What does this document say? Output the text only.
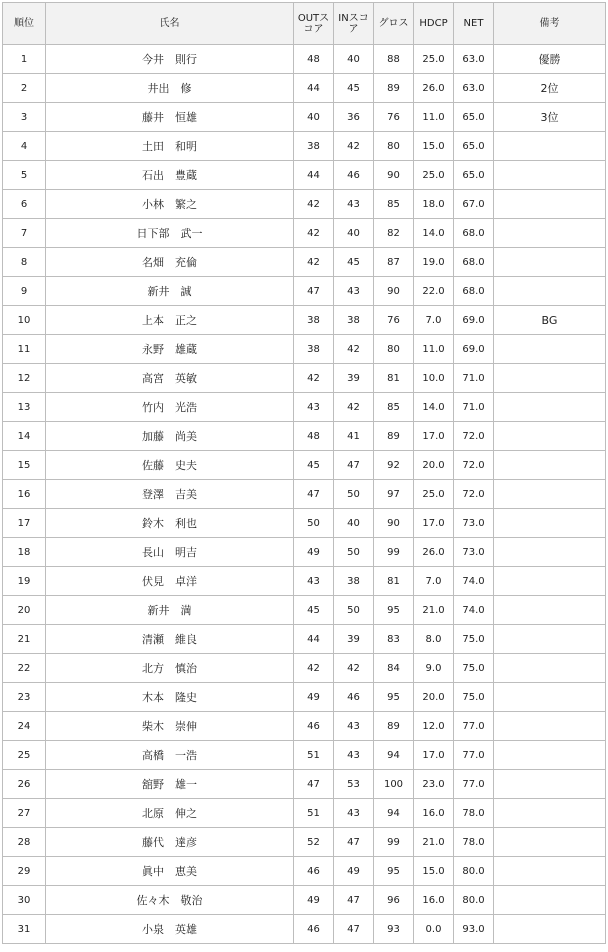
順位	氏名	OUTスコア	INスコア	グロス	HDCP	NET	備考
1	今井　則行	48	40	88	25.0	63.0	優勝
2	井出　修	44	45	89	26.0	63.0	2位
3	藤井　恒雄	40	36	76	11.0	65.0	3位
4	土田　和明	38	42	80	15.0	65.0	
5	石出　豊蔵	44	46	90	25.0	65.0	
6	小林　繁之	42	43	85	18.0	67.0	
7	日下部　武一	42	40	82	14.0	68.0	
8	名畑　充倫	42	45	87	19.0	68.0	
9	新井　誠	47	43	90	22.0	68.0	
10	上本　正之	38	38	76	7.0	69.0	BG
11	永野　雄蔵	38	42	80	11.0	69.0	
12	高宮　英敏	42	39	81	10.0	71.0	
13	竹内　光浩	43	42	85	14.0	71.0	
14	加藤　尚美	48	41	89	17.0	72.0	
15	佐藤　史夫	45	47	92	20.0	72.0	
16	登澤　吉美	47	50	97	25.0	72.0	
17	鈴木　利也	50	40	90	17.0	73.0	
18	長山　明吉	49	50	99	26.0	73.0	
19	伏見　卓洋	43	38	81	7.0	74.0	
20	新井　満	45	50	95	21.0	74.0	
21	清瀬　維良	44	39	83	8.0	75.0	
22	北方　慎治	42	42	84	9.0	75.0	
23	木本　隆史	49	46	95	20.0	75.0	
24	柴木　崇伸	46	43	89	12.0	77.0	
25	高橋　一浩	51	43	94	17.0	77.0	
26	舘野　雄一	47	53	100	23.0	77.0	
27	北原　伸之	51	43	94	16.0	78.0	
28	藤代　達彦	52	47	99	21.0	78.0	
29	眞中　恵美	46	49	95	15.0	80.0	
30	佐々木　敬治	49	47	96	16.0	80.0	
31	小泉　英雄	46	47	93	0.0	93.0	
